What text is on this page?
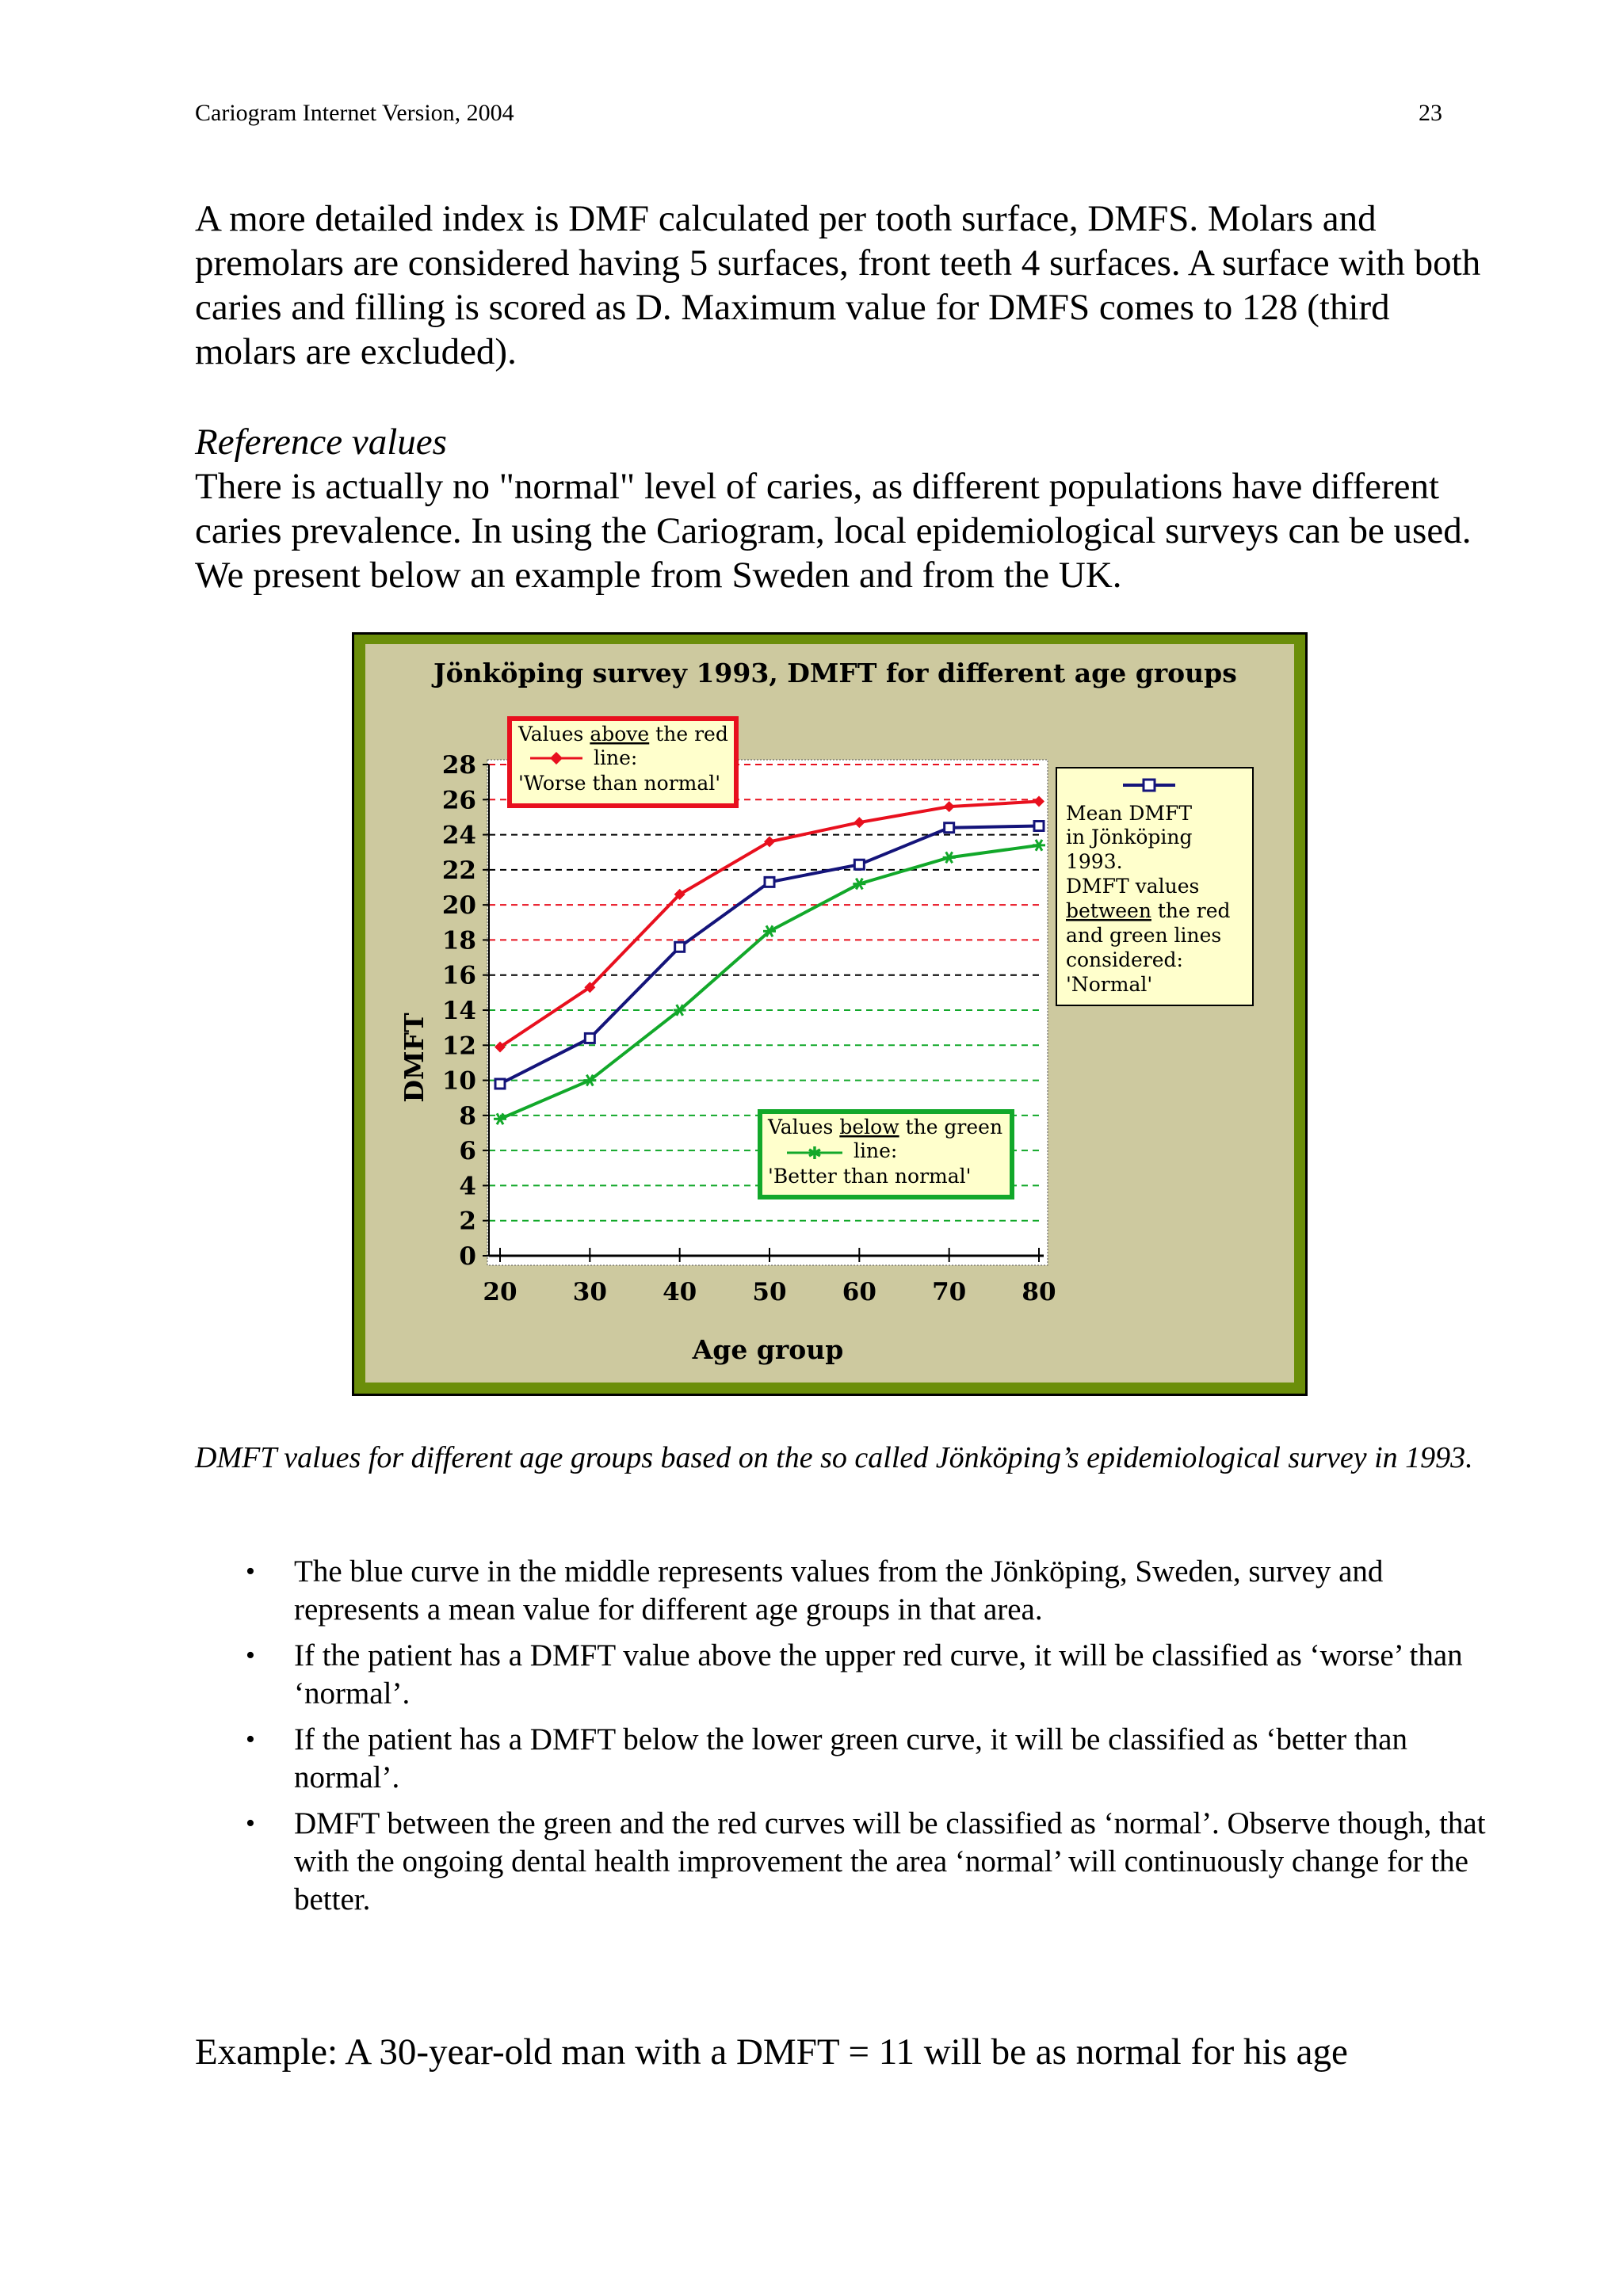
Cariogram Internet Version, 2004	23

A more detailed index is DMF calculated per tooth surface, DMFS. Molars and premolars are considered having 5 surfaces, front teeth 4 surfaces. A surface with both caries and filling is scored as D. Maximum value for DMFS comes to 128 (third molars are excluded).

Reference values

There is actually no "normal" level of caries, as different populations have different caries prevalence. In using the Cariogram, local epidemiological surveys can be used. We present below an example from Sweden and from the UK.

Jönköping survey 1993, DMFT for different age groups
0
2
4
6
8
10
12
14
16
18
20
22
24
26
28
20 30 40 50 60 70 80
DMFT
Age group
Values above the red
line:
'Worse than normal'
Mean DMFT
in Jönköping
1993.
DMFT values
between the red
and green lines
considered:
'Normal'
Values below the green
✱ line:
'Better than normal'

DMFT values for different age groups based on the so called Jönköping’s epidemiological survey in 1993.

• The blue curve in the middle represents values from the Jönköping, Sweden, survey and represents a mean value for different age groups in that area.
• If the patient has a DMFT value above the upper red curve, it will be classified as ‘worse’ than ‘normal’.
• If the patient has a DMFT below the lower green curve, it will be classified as ‘better than normal’.
• DMFT between the green and the red curves will be classified as ‘normal’. Observe though, that with the ongoing dental health improvement the area ‘normal’ will continuously change for the better.

Example: A 30-year-old man with a DMFT = 11 will be as normal for his age
